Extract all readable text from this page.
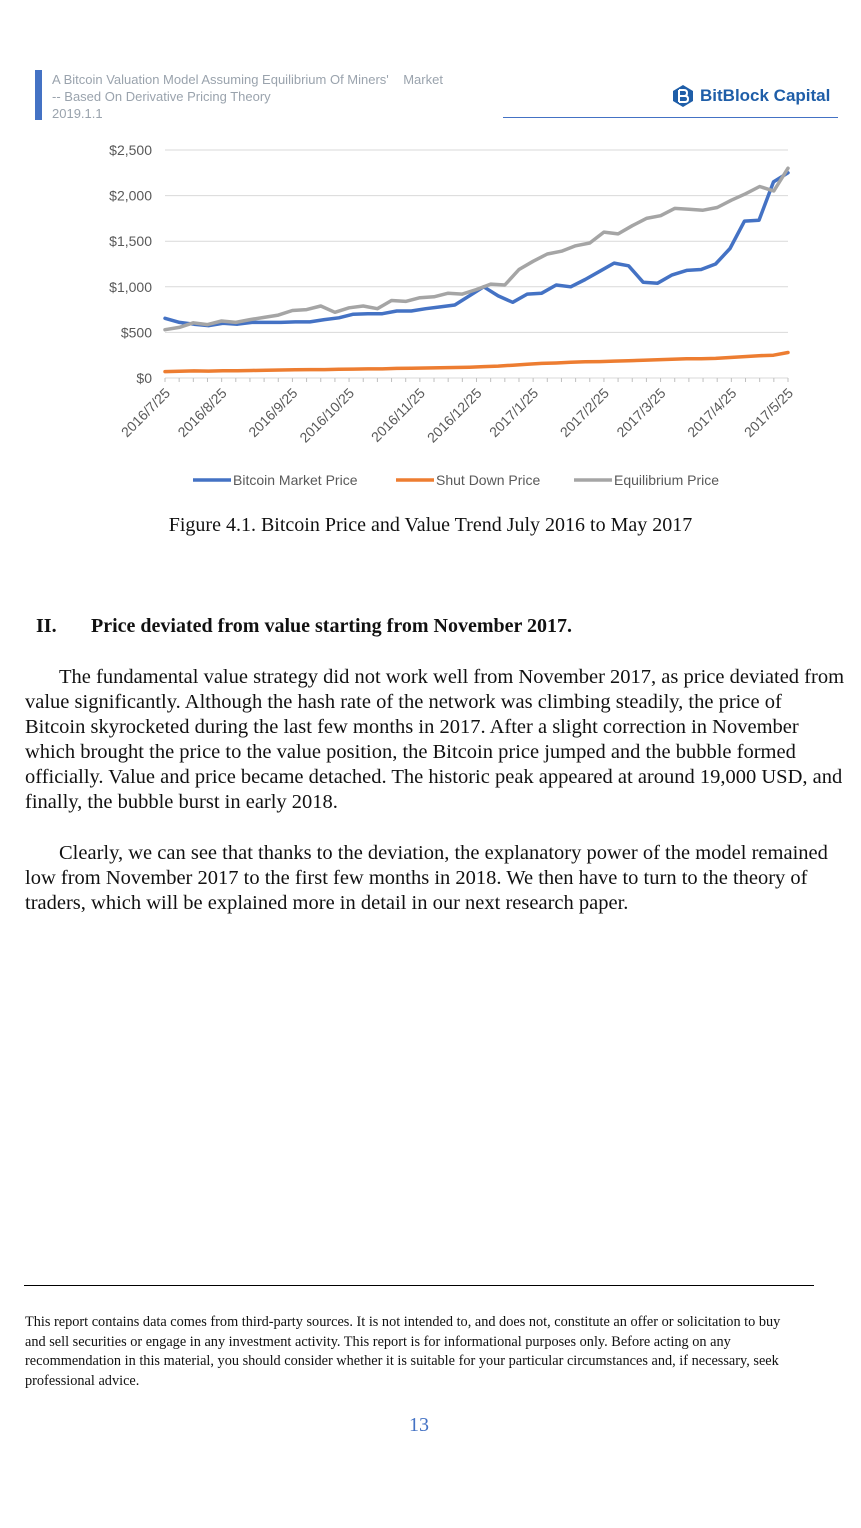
A Bitcoin Valuation Model Assuming Equilibrium Of Miners'    Market
-- Based On Derivative Pricing Theory
2019.1.1
BitBlock Capital
$0
$500
$1,000
$1,500
$2,000
$2,500
2016/7/25 2016/8/25 2016/9/25
2016/10/25 2016/11/25
2016/12/25 2017/1/25 2017/2/25 2017/3/25 2017/4/25 2017/5/25
Bitcoin Market Price	Shut Down Price	Equilibrium Price
Figure 4.1. Bitcoin Price and Value Trend July 2016 to May 2017
II.	Price deviated from value starting from November 2017.
The fundamental value strategy did not work well from November 2017, as price deviated from value significantly. Although the hash rate of the network was climbing steadily, the price of Bitcoin skyrocketed during the last few months in 2017. After a slight correction in November which brought the price to the value position, the Bitcoin price jumped and the bubble formed officially. Value and price became detached. The historic peak appeared at around 19,000 USD, and finally, the bubble burst in early 2018.
Clearly, we can see that thanks to the deviation, the explanatory power of the model remained low from November 2017 to the first few months in 2018. We then have to turn to the theory of traders, which will be explained more in detail in our next research paper.
This report contains data comes from third-party sources. It is not intended to, and does not, constitute an offer or solicitation to buy and sell securities or engage in any investment activity. This report is for informational purposes only. Before acting on any recommendation in this material, you should consider whether it is suitable for your particular circumstances and, if necessary, seek professional advice.
13
